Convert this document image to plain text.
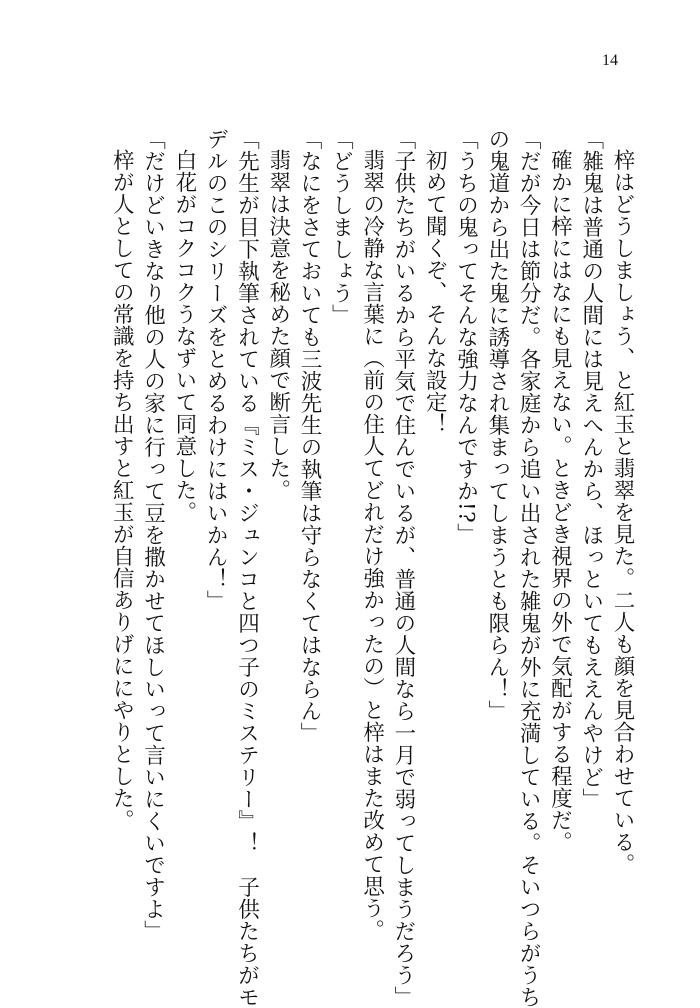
14
梓はどうしましょう、と紅玉と翡翠を見た。二人も顔を見合わせている。
「雑鬼は普通の人間には見えへんから、ほっといてもええんやけど」
確かに梓にはなにも見えない。ときどき視界の外で気配がする程度だ。
「だが今日は節分だ。各家庭から追い出された雑鬼が外に充満している。そいつらがうち
の鬼道から出た鬼に誘導され集まってしまうとも限らん！」
「うちの鬼ってそんな強力なんですか!?」
初めて聞くぞ、そんな設定！
「子供たちがいるから平気で住んでいるが、普通の人間なら一月で弱ってしまうだろう」
翡翠の冷静な言葉に（前の住人てどれだけ強かったの）と梓はまた改めて思う。
「どうしましょう」
「なにをさておいても三波先生の執筆は守らなくてはならん」
翡翠は決意を秘めた顔で断言した。
「先生が目下執筆されている『ミス・ジュンコと四つ子のミステリー』！　子供たちがモ
デルのこのシリーズをとめるわけにはいかん！」
白花がコクコクうなずいて同意した。
「だけどいきなり他の人の家に行って豆を撒かせてほしいって言いにくいですよ」
梓が人としての常識を持ち出すと紅玉が自信ありげににやりとした。
